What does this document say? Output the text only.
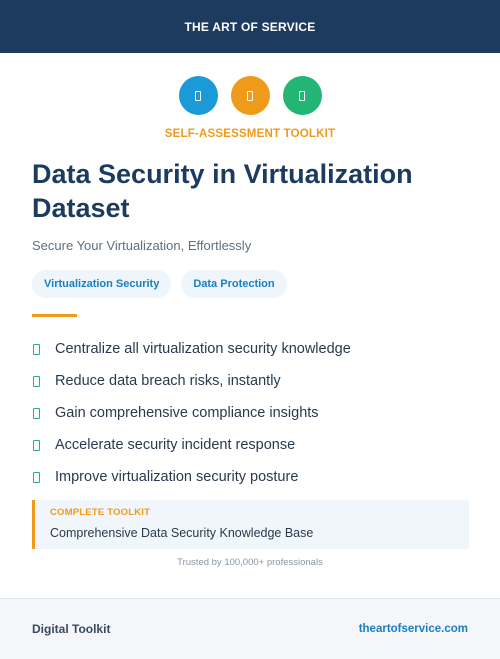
THE ART OF SERVICE
SELF-ASSESSMENT TOOLKIT
Data Security in Virtualization Dataset
Secure Your Virtualization, Effortlessly
Virtualization Security	Data Protection
Centralize all virtualization security knowledge
Reduce data breach risks, instantly
Gain comprehensive compliance insights
Accelerate security incident response
Improve virtualization security posture
COMPLETE TOOLKIT
Comprehensive Data Security Knowledge Base
Trusted by 100,000+ professionals
Digital Toolkit	theartofservice.com
